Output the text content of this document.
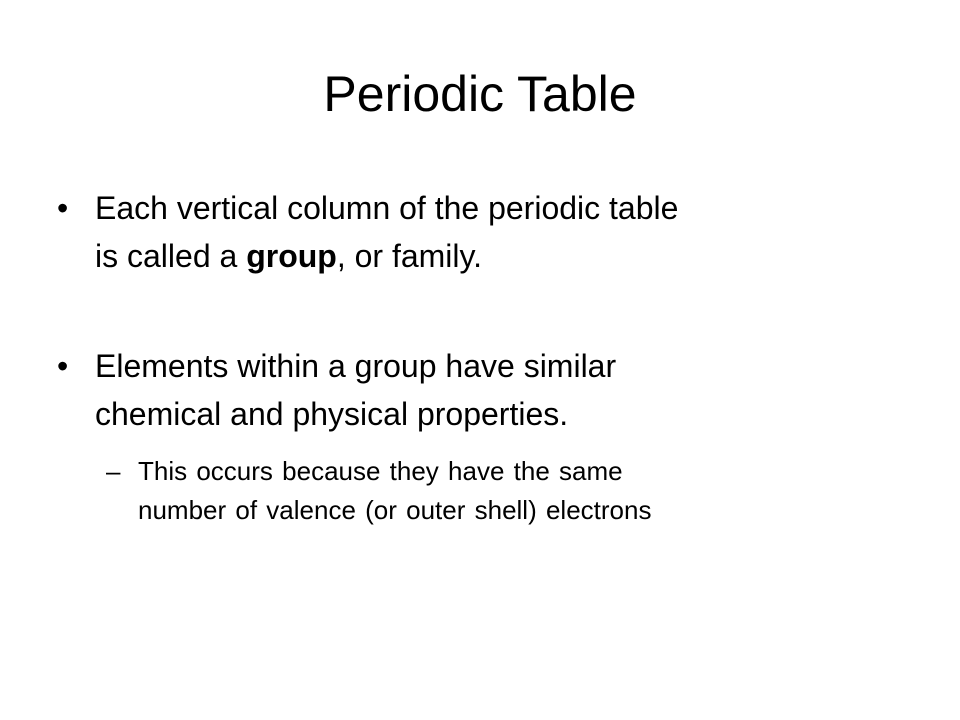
Periodic Table
• Each vertical column of the periodic table
is called a group, or family.
• Elements within a group have similar
chemical and physical properties.
– This occurs because they have the same
number of valence (or outer shell) electrons
